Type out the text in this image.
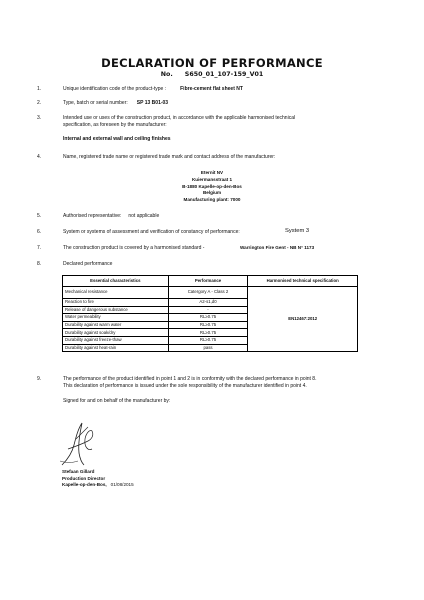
DECLARATION OF PERFORMANCE
No. S650_01_107-159_V01
1.	Unique identification code of the product-type :	Fibre-cement flat sheet NT
2.	Type, batch or serial number: SP 13 B01-03
3.	Intended use or uses of the construction product, in accordance with the applicable harmonised technical
specification, as foreseen by the manufacturer:
Internal and external wall and ceiling finishes
4.	Name, registered trade name or registered trade mark and contact address of the manufacturer:
Eternit NV
Kuiermansstraat 1
B-1880 Kapelle-op-den-Bos
Belgium
Manufacturing plant: 7000
5.	Authorised representative: not applicable
6.	System or systems of assessment and verification of constancy of performance:	System 3
7.	The construction product is covered by a harmonised standard -	Warrington Fire Gent - NB N° 1173
8.	Declared performance
Essential characteristics	Performance	Harmonised technical specification
Mechanical resistance	Catergory A - Class 2	EN12467:2012
Reaction to fire	A2-s1,d0	
Release of dangerous substance	-	
Water permeability	RL≥0.75	
Durability against warm water	RL≥0.75	
Durability against soak/dry	RL≥0.75	
Durability against freeze-thaw	RL≥0.75	
Durability against heat-rain	pass	
9.	The performance of the product identified in point 1 and 2 is in conformity with the declared performance in point 8.
This declaration of performance is issued under the sole responsibility of the manufacturer identified in point 4.
Signed for and on behalf of the manufacturer by:
Stefaan Gillard
Production Director
Kapelle-op-den-Bos, 01/08/2015
